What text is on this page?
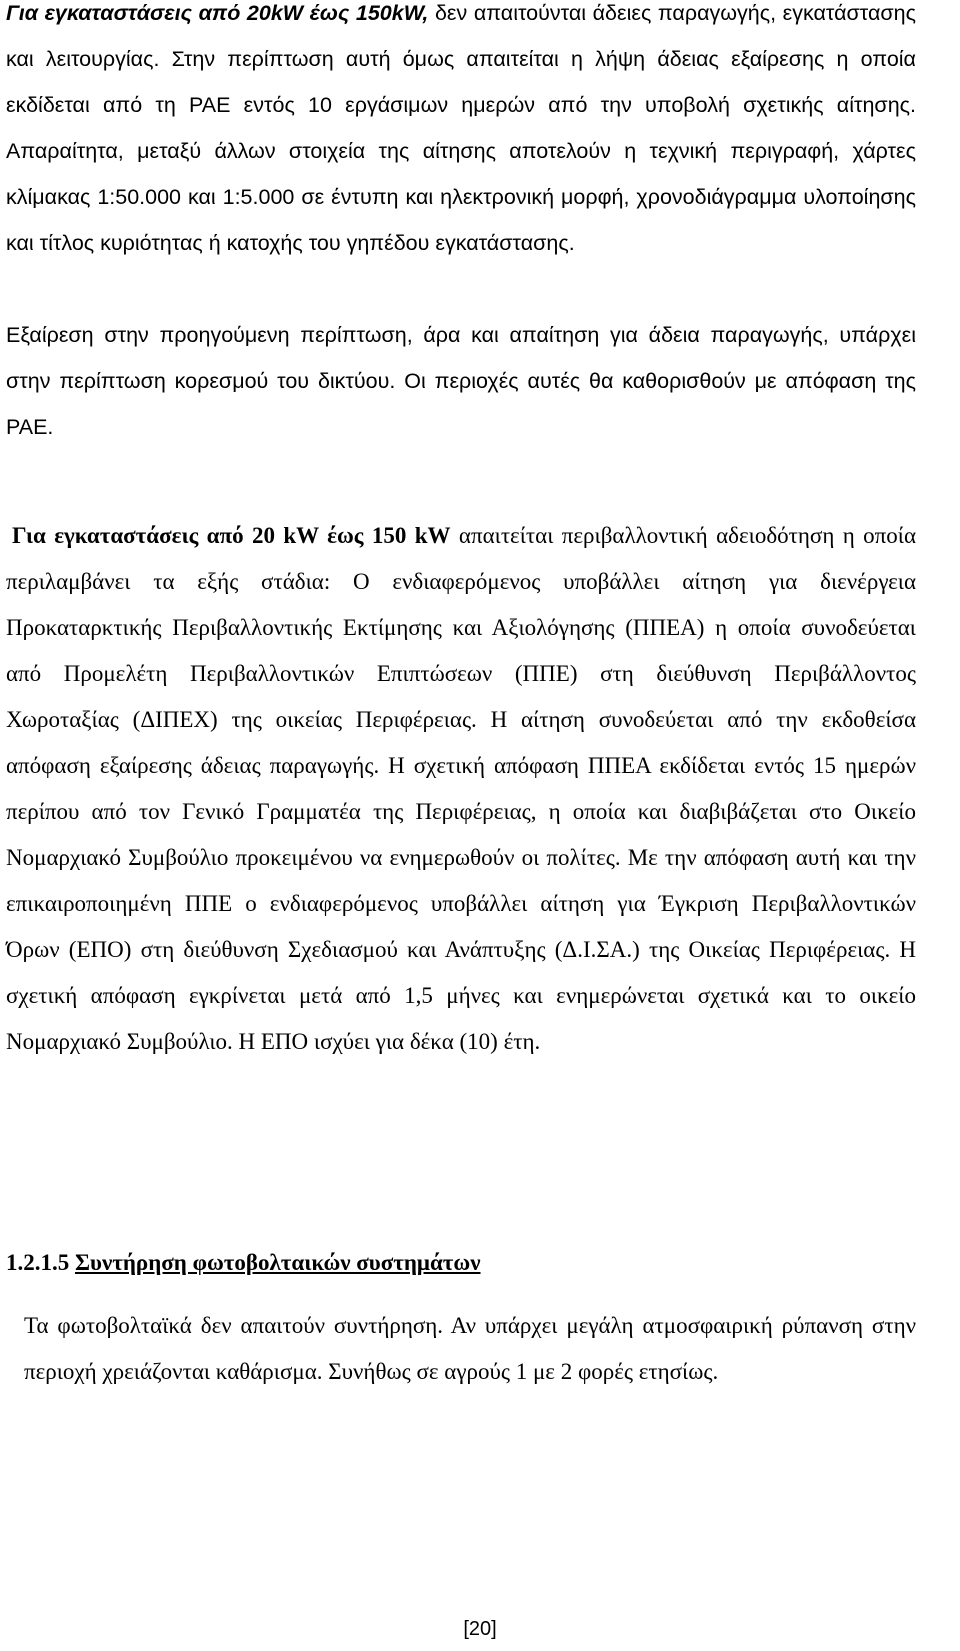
Για εγκαταστάσεις από 20kW έως 150kW, δεν απαιτούνται άδειες παραγωγής, εγκατάστασης και λειτουργίας. Στην περίπτωση αυτή όμως απαιτείται η λήψη άδειας εξαίρεσης η οποία εκδίδεται από τη ΡΑΕ εντός 10 εργάσιμων ημερών από την υποβολή σχετικής αίτησης. Απαραίτητα, μεταξύ άλλων στοιχεία της αίτησης αποτελούν η τεχνική περιγραφή, χάρτες κλίμακας 1:50.000 και 1:5.000 σε έντυπη και ηλεκτρονική μορφή, χρονοδιάγραμμα υλοποίησης και τίτλος κυριότητας ή κατοχής του γηπέδου εγκατάστασης.

Εξαίρεση στην προηγούμενη περίπτωση, άρα και απαίτηση για άδεια παραγωγής, υπάρχει στην περίπτωση κορεσμού του δικτύου. Οι περιοχές αυτές θα καθορισθούν με απόφαση της ΡΑΕ.

Για εγκαταστάσεις από 20 kW έως 150 kW απαιτείται περιβαλλοντική αδειοδότηση η οποία περιλαμβάνει τα εξής στάδια: Ο ενδιαφερόμενος υποβάλλει αίτηση για διενέργεια Προκαταρκτικής Περιβαλλοντικής Εκτίμησης και Αξιολόγησης (ΠΠΕΑ) η οποία συνοδεύεται από Προμελέτη Περιβαλλοντικών Επιπτώσεων (ΠΠΕ) στη διεύθυνση Περιβάλλοντος Χωροταξίας (ΔΙΠΕΧ) της οικείας Περιφέρειας. Η αίτηση συνοδεύεται από την εκδοθείσα απόφαση εξαίρεσης άδειας παραγωγής. Η σχετική απόφαση ΠΠΕΑ εκδίδεται εντός 15 ημερών περίπου από τον Γενικό Γραμματέα της Περιφέρειας, η οποία και διαβιβάζεται στο Οικείο Νομαρχιακό Συμβούλιο προκειμένου να ενημερωθούν οι πολίτες. Με την απόφαση αυτή και την επικαιροποιημένη ΠΠΕ ο ενδιαφερόμενος υποβάλλει αίτηση για Έγκριση Περιβαλλοντικών Όρων (ΕΠΟ) στη διεύθυνση Σχεδιασμού και Ανάπτυξης (Δ.Ι.ΣΑ.) της Οικείας Περιφέρειας. Η σχετική απόφαση εγκρίνεται μετά από 1,5 μήνες και ενημερώνεται σχετικά και το οικείο Νομαρχιακό Συμβούλιο. Η ΕΠΟ ισχύει για δέκα (10) έτη.

1.2.1.5 Συντήρηση φωτοβολταικών συστημάτων

Τα φωτοβολταϊκά δεν απαιτούν συντήρηση. Αν υπάρχει μεγάλη ατμοσφαιρική ρύπανση στην περιοχή χρειάζονται καθάρισμα. Συνήθως σε αγρούς 1 με 2 φορές ετησίως.

[20]
